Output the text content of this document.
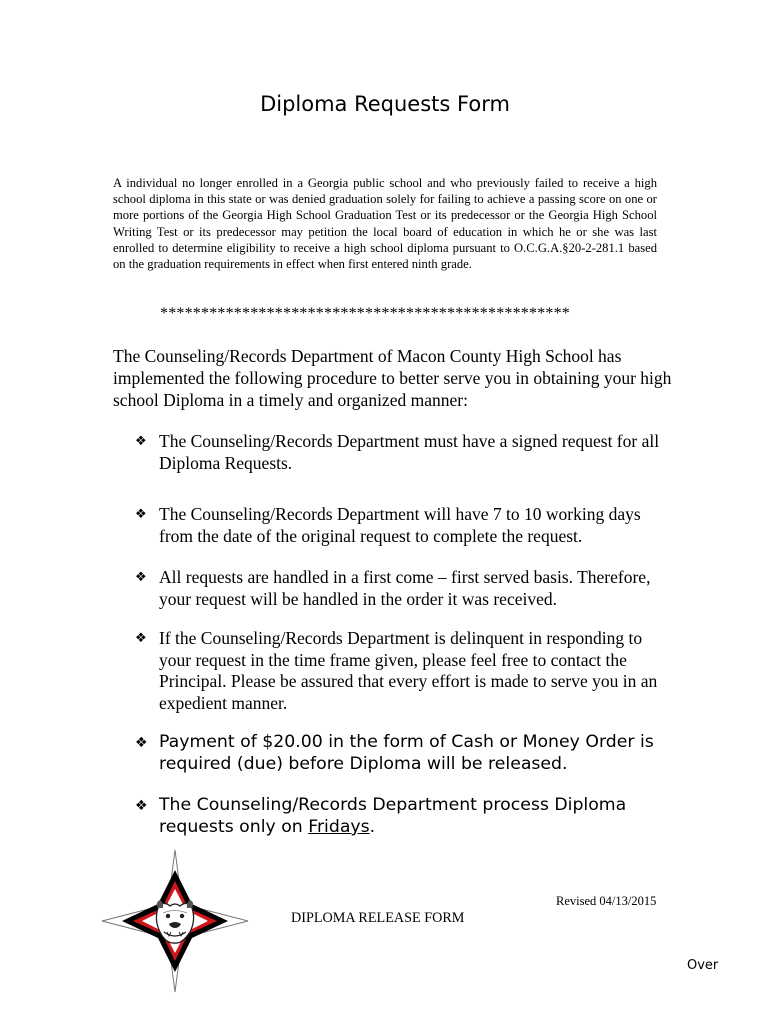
Diploma Requests Form
A individual no longer enrolled in a Georgia public school and who previously failed to receive a high school diploma in this state or was denied graduation solely for failing to achieve a passing score on one or more portions of the Georgia High School Graduation Test or its predecessor or the Georgia High School Writing Test or its predecessor may petition the local board of education in which he or she was last enrolled to determine eligibility to receive a high school diploma pursuant to O.C.G.A.§20-2-281.1 based on the graduation requirements in effect when first entered ninth grade.
**************************************************
The Counseling/Records Department of Macon County High School has implemented the following procedure to better serve you in obtaining your high school Diploma in a timely and organized manner:
❖ The Counseling/Records Department must have a signed request for all Diploma Requests.
❖ The Counseling/Records Department will have 7 to 10 working days from the date of the original request to complete the request.
❖ All requests are handled in a first come – first served basis. Therefore, your request will be handled in the order it was received.
❖ If the Counseling/Records Department is delinquent in responding to your request in the time frame given, please feel free to contact the Principal. Please be assured that every effort is made to serve you in an expedient manner.
❖ Payment of $20.00 in the form of Cash or Money Order is required (due) before Diploma will be released.
❖ The Counseling/Records Department process Diploma requests only on Fridays.
Revised 04/13/2015
DIPLOMA RELEASE FORM
Over
